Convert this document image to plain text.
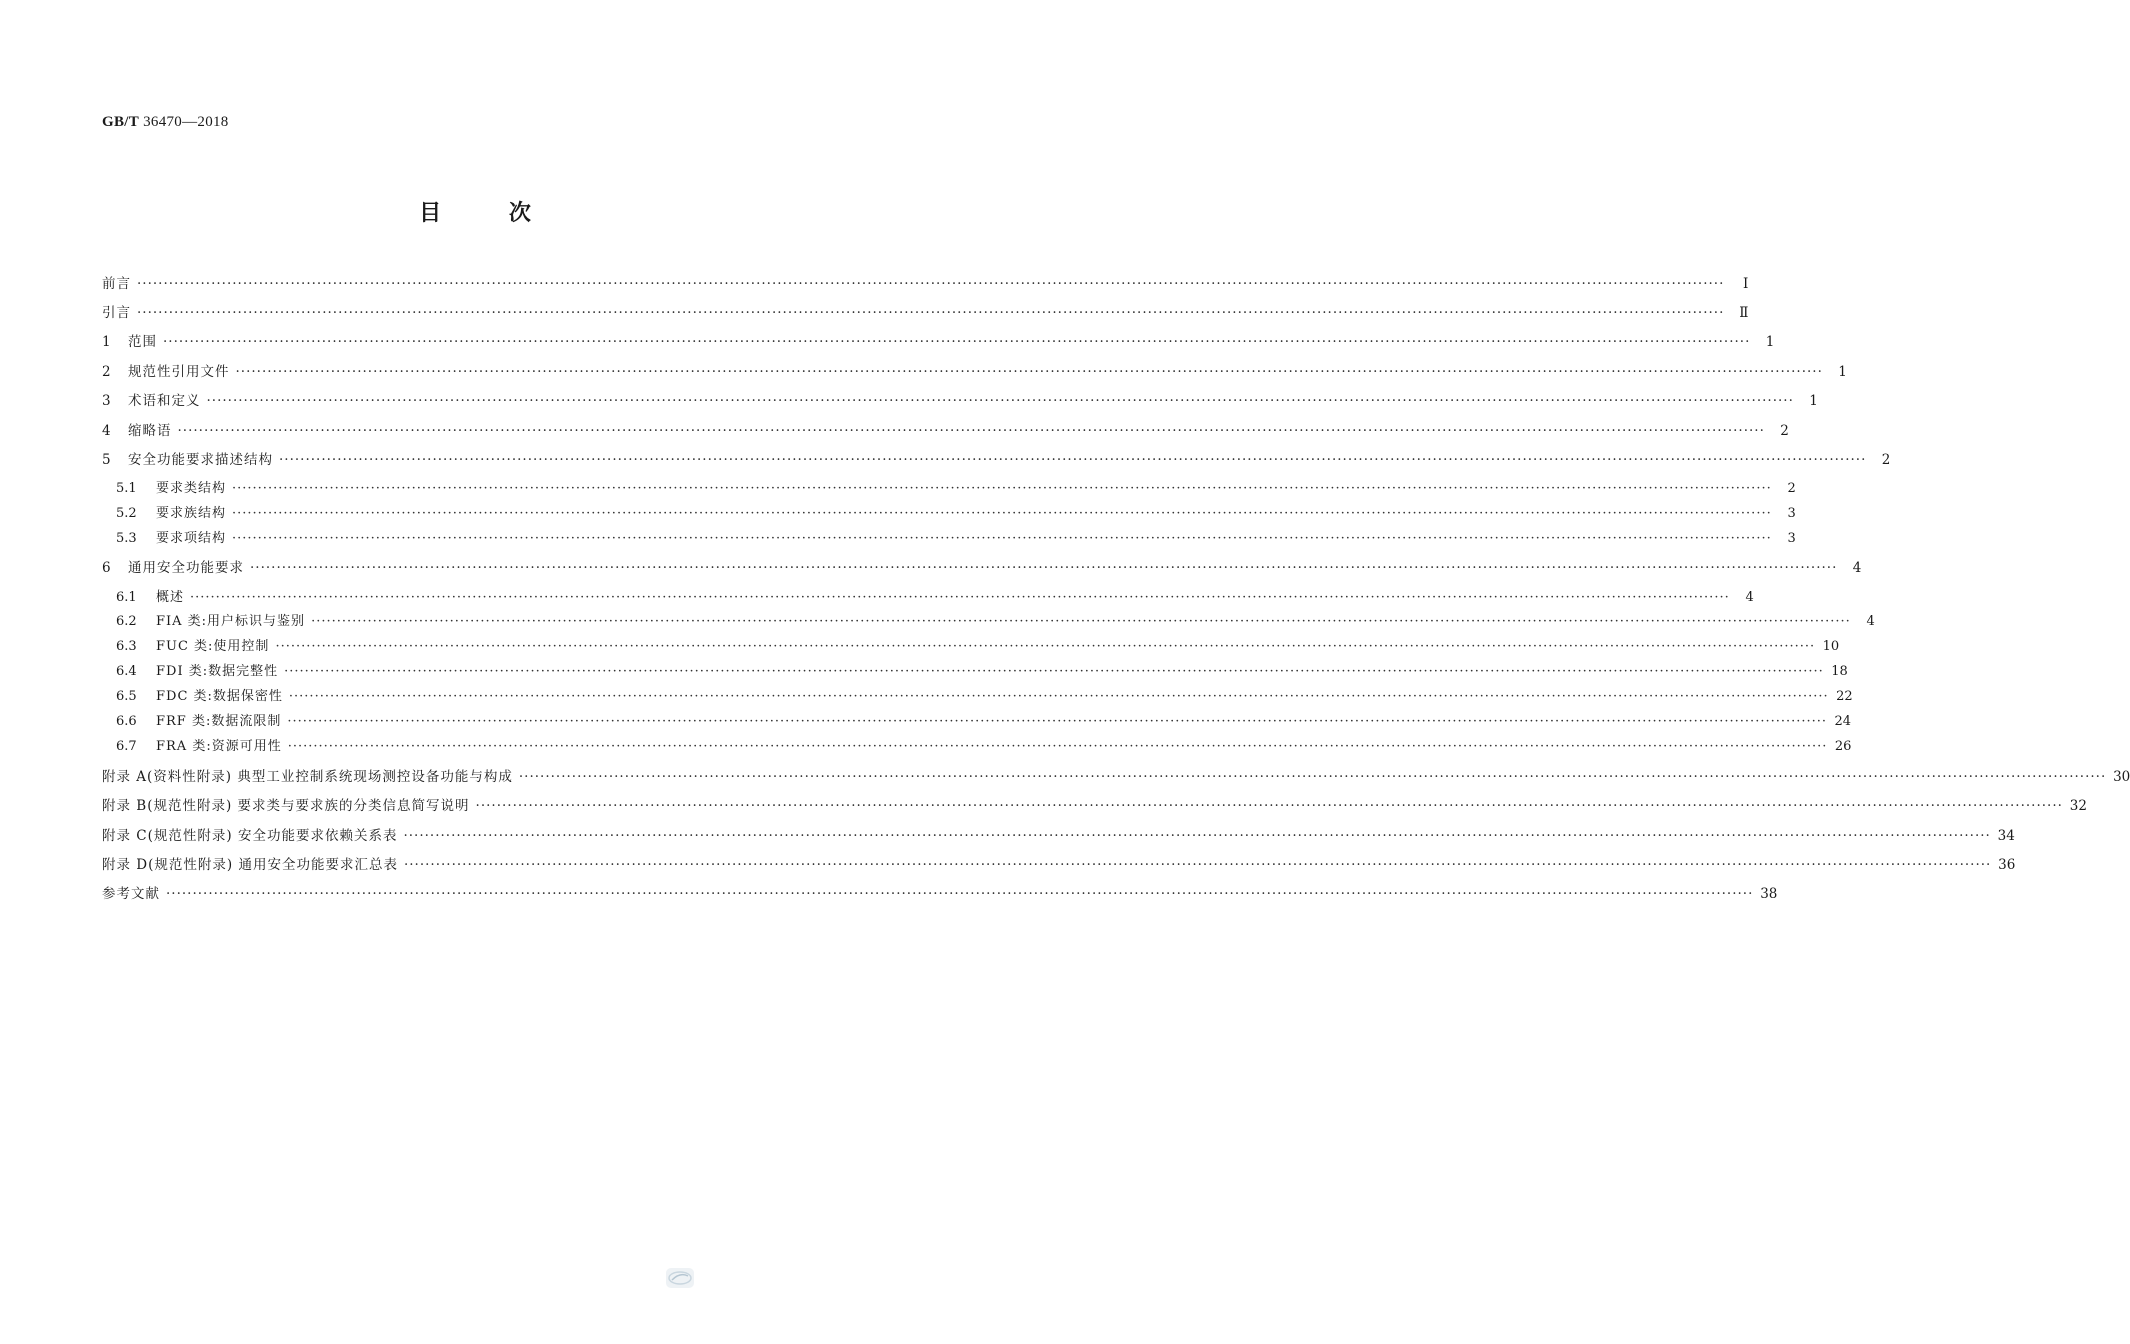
GB/T 36470—2018
目	次
前言 ············································································································································································································································································································	Ⅰ
引言 ············································································································································································································································································································	Ⅱ
1	范围 ············································································································································································································································································································	1
2	规范性引用文件 ············································································································································································································································································································	1
3	术语和定义 ············································································································································································································································································································	1
4	缩略语 ············································································································································································································································································································	2
5	安全功能要求描述结构 ············································································································································································································································································································	2
5.1	要求类结构 ············································································································································································································································································································	2
5.2	要求族结构 ············································································································································································································································································································	3
5.3	要求项结构 ············································································································································································································································································································	3
6	通用安全功能要求 ············································································································································································································································································································	4
6.1	概述 ············································································································································································································································································································	4
6.2	FIA 类:用户标识与鉴别 ············································································································································································································································································································	4
6.3	FUC 类:使用控制 ············································································································································································································································································································ 10
6.4	FDI 类:数据完整性 ············································································································································································································································································································ 18
6.5	FDC 类:数据保密性 ············································································································································································································································································································ 22
6.6	FRF 类:数据流限制 ············································································································································································································································································································ 24
6.7	FRA 类:资源可用性 ············································································································································································································································································································ 26
附录 A(资料性附录) 典型工业控制系统现场测控设备功能与构成 ············································································································································································································································································································ 30
附录 B(规范性附录) 要求类与要求族的分类信息简写说明 ············································································································································································································································································································ 32
附录 C(规范性附录) 安全功能要求依赖关系表 ············································································································································································································································································································ 34
附录 D(规范性附录) 通用安全功能要求汇总表 ············································································································································································································································································································ 36
参考文献 ············································································································································································································································································································ 38
